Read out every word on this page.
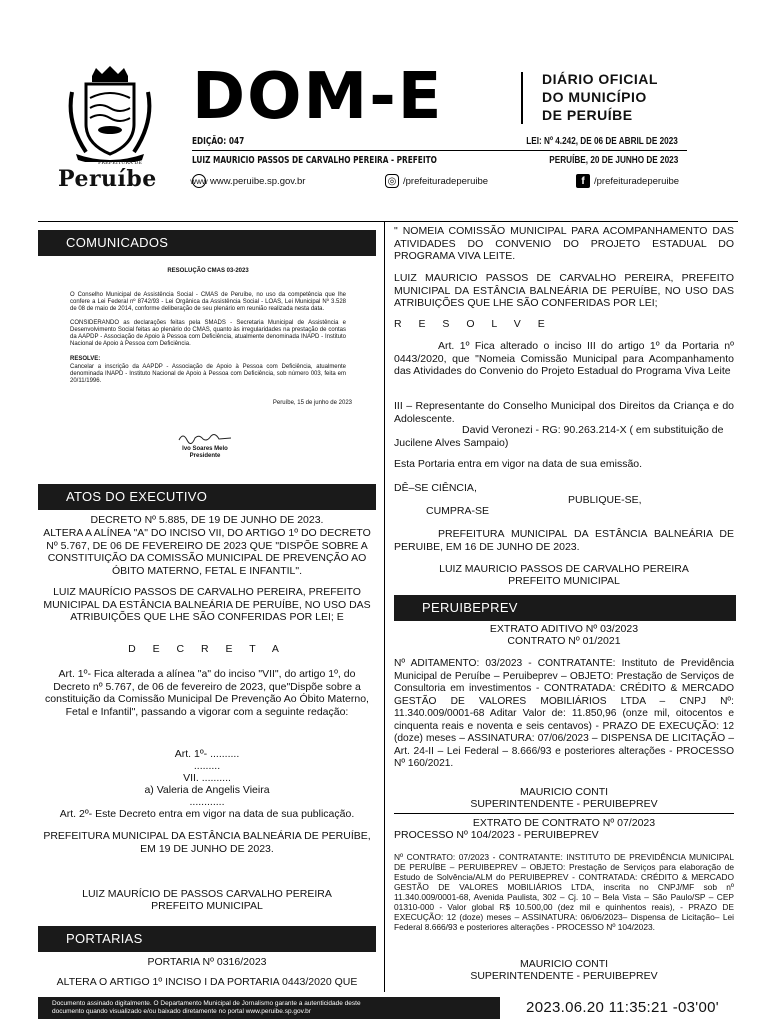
PREFEITURA DE
Peruíbe
DOM-E	DIÁRIO OFICIAL
DO MUNICÍPIO
DE PERUÍBE
EDIÇÃO: 047	LEI: Nº 4.242, DE 06 DE ABRIL DE 2023
LUIZ MAURICIO PASSOS DE CARVALHO PEREIRA - PREFEITO	PERUÍBE, 20 DE JUNHO DE 2023
www www.peruibe.sp.gov.br	◎ /prefeituradeperuibe	f /prefeituradeperuibe
COMUNICADOS
RESOLUÇÃO CMAS 03-2023
O Conselho Municipal de Assistência Social - CMAS de Peruíbe, no uso da competência que lhe confere a Lei Federal nº 8742/93 - Lei Orgânica da Assistência Social - LOAS, Lei Municipal Nº 3.528 de 08 de maio de 2014, conforme deliberação de seu plenário em reunião realizada nesta data.
CONSIDERANDO as declarações feitas pela SMADS - Secretaria Municipal de Assistência e Desenvolvimento Social feitas ao plenário do CMAS, quanto às irregularidades na prestação de contas da AAPDP - Associação de Apoio à Pessoa com Deficiência, atualmente denominada INAPD - Instituto Nacional de Apoio à Pessoa com Deficiência.
RESOLVE:
Cancelar a inscrição da AAPDP - Associação de Apoio à Pessoa com Deficiência, atualmente denominada INAPD - Instituto Nacional de Apoio à Pessoa com Deficiência, sob número 003, feita em 20/11/1996.
Peruíbe, 15 de junho de 2023
Ivo Soares Melo
Presidente
ATOS DO EXECUTIVO
DECRETO Nº 5.885, DE 19 DE JUNHO DE 2023.
ALTERA A ALÍNEA "A" DO INCISO VII, DO ARTIGO 1º DO DECRETO Nº 5.767, DE 06 DE FEVEREIRO DE 2023 QUE "DISPÕE SOBRE A CONSTITUIÇÃO DA COMISSÃO MUNICIPAL DE PREVENÇÃO AO ÓBITO MATERNO, FETAL E INFANTIL".
LUIZ MAURÍCIO PASSOS DE CARVALHO PEREIRA, PREFEITO MUNICIPAL DA ESTÂNCIA BALNEÁRIA DE PERUÍBE, NO USO DAS ATRIBUIÇÕES QUE LHE SÃO CONFERIDAS POR LEI; E
D E C R E T A
Art. 1º- Fica alterada a alínea "a" do inciso "VII", do artigo 1º, do Decreto nº 5.767, de 06 de fevereiro de 2023, que"Dispõe sobre a constituição da Comissão Municipal De Prevenção Ao Óbito Materno, Fetal e Infantil", passando a vigorar com a seguinte redação:
Art. 1º- ..........
.........
VII. ..........
a) Valeria de Angelis Vieira
............
Art. 2º- Este Decreto entra em vigor na data de sua publicação.
PREFEITURA MUNICIPAL DA ESTÂNCIA BALNEÁRIA DE PERUÍBE, EM 19 DE JUNHO DE 2023.
LUIZ MAURÍCIO DE PASSOS CARVALHO PEREIRA
PREFEITO MUNICIPAL
PORTARIAS
PORTARIA Nº 0316/2023
ALTERA O ARTIGO 1º INCISO I DA PORTARIA 0443/2020 QUE
" NOMEIA COMISSÃO MUNICIPAL PARA ACOMPANHAMENTO DAS ATIVIDADES DO CONVENIO DO PROJETO ESTADUAL DO PROGRAMA VIVA LEITE.
LUIZ MAURICIO PASSOS DE CARVALHO PEREIRA, PREFEITO MUNICIPAL DA ESTÂNCIA BALNEÁRIA DE PERUÍBE, NO USO DAS ATRIBUIÇÕES QUE LHE SÃO CONFERIDAS POR LEI;
R E S O L V E
Art. 1º Fica alterado o inciso III do artigo 1º da Portaria nº 0443/2020, que "Nomeia Comissão Municipal para Acompanhamento das Atividades do Convenio do Projeto Estadual do Programa Viva Leite
III – Representante do Conselho Municipal dos Direitos da Criança e do Adolescente.
David Veronezi - RG: 90.263.214-X ( em substituição de Jucilene Alves Sampaio)
Esta Portaria entra em vigor na data de sua emissão.
DÊ–SE CIÊNCIA,
PUBLIQUE-SE,
CUMPRA-SE
PREFEITURA MUNICIPAL DA ESTÂNCIA BALNEÁRIA DE PERUIBE, EM 16 DE JUNHO DE 2023.
LUIZ MAURICIO PASSOS DE CARVALHO PEREIRA
PREFEITO MUNICIPAL
PERUIBEPREV
EXTRATO ADITIVO Nº 03/2023
CONTRATO Nº 01/2021
Nº ADITAMENTO: 03/2023 - CONTRATANTE: Instituto de Previdência Municipal de Peruíbe – Peruibeprev – OBJETO: Prestação de Serviços de Consultoria em investimentos - CONTRATADA: CRÉDITO & MERCADO GESTÃO DE VALORES MOBILIÁRIOS LTDA – CNPJ Nº: 11.340.009/0001-68 Aditar Valor de: 11.850,96 (onze mil, oitocentos e cinquenta reais e noventa e seis centavos) - PRAZO DE EXECUÇÃO: 12 (doze) meses – ASSINATURA: 07/06/2023 – DISPENSA DE LICITAÇÃO – Art. 24-II – Lei Federal – 8.666/93 e posteriores alterações - PROCESSO Nº 160/2021.
MAURICIO CONTI
SUPERINTENDENTE - PERUIBEPREV
EXTRATO DE CONTRATO Nº 07/2023
PROCESSO Nº 104/2023 - PERUIBEPREV
Nº CONTRATO: 07/2023 - CONTRATANTE: INSTITUTO DE PREVIDÊNCIA MUNICIPAL DE PERUÍBE – PERUIBEPREV – OBJETO: Prestação de Serviços para elaboração de Estudo de Solvência/ALM do PERUIBEPREV - CONTRATADA: CRÉDITO & MERCADO GESTÃO DE VALORES MOBILIÁRIOS LTDA, inscrita no CNPJ/MF sob nº 11.340.009/0001-68, Avenida Paulista, 302 – Cj. 10 – Bela Vista – São Paulo/SP – CEP 01310-000 - Valor global R$ 10.500,00 (dez mil e quinhentos reais), - PRAZO DE EXECUÇÃO: 12 (doze) meses – ASSINATURA: 06/06/2023– Dispensa de Licitação– Lei Federal 8.666/93 e posteriores alterações - PROCESSO Nº 104/2023.
MAURICIO CONTI
SUPERINTENDENTE - PERUIBEPREV
Documento assinado digitalmente. O Departamento Municipal de Jornalismo garante a autenticidade deste
documento quando visualizado e/ou baixado diretamente no portal www.peruibe.sp.gov.br	2023.06.20 11:35:21 -03'00'
